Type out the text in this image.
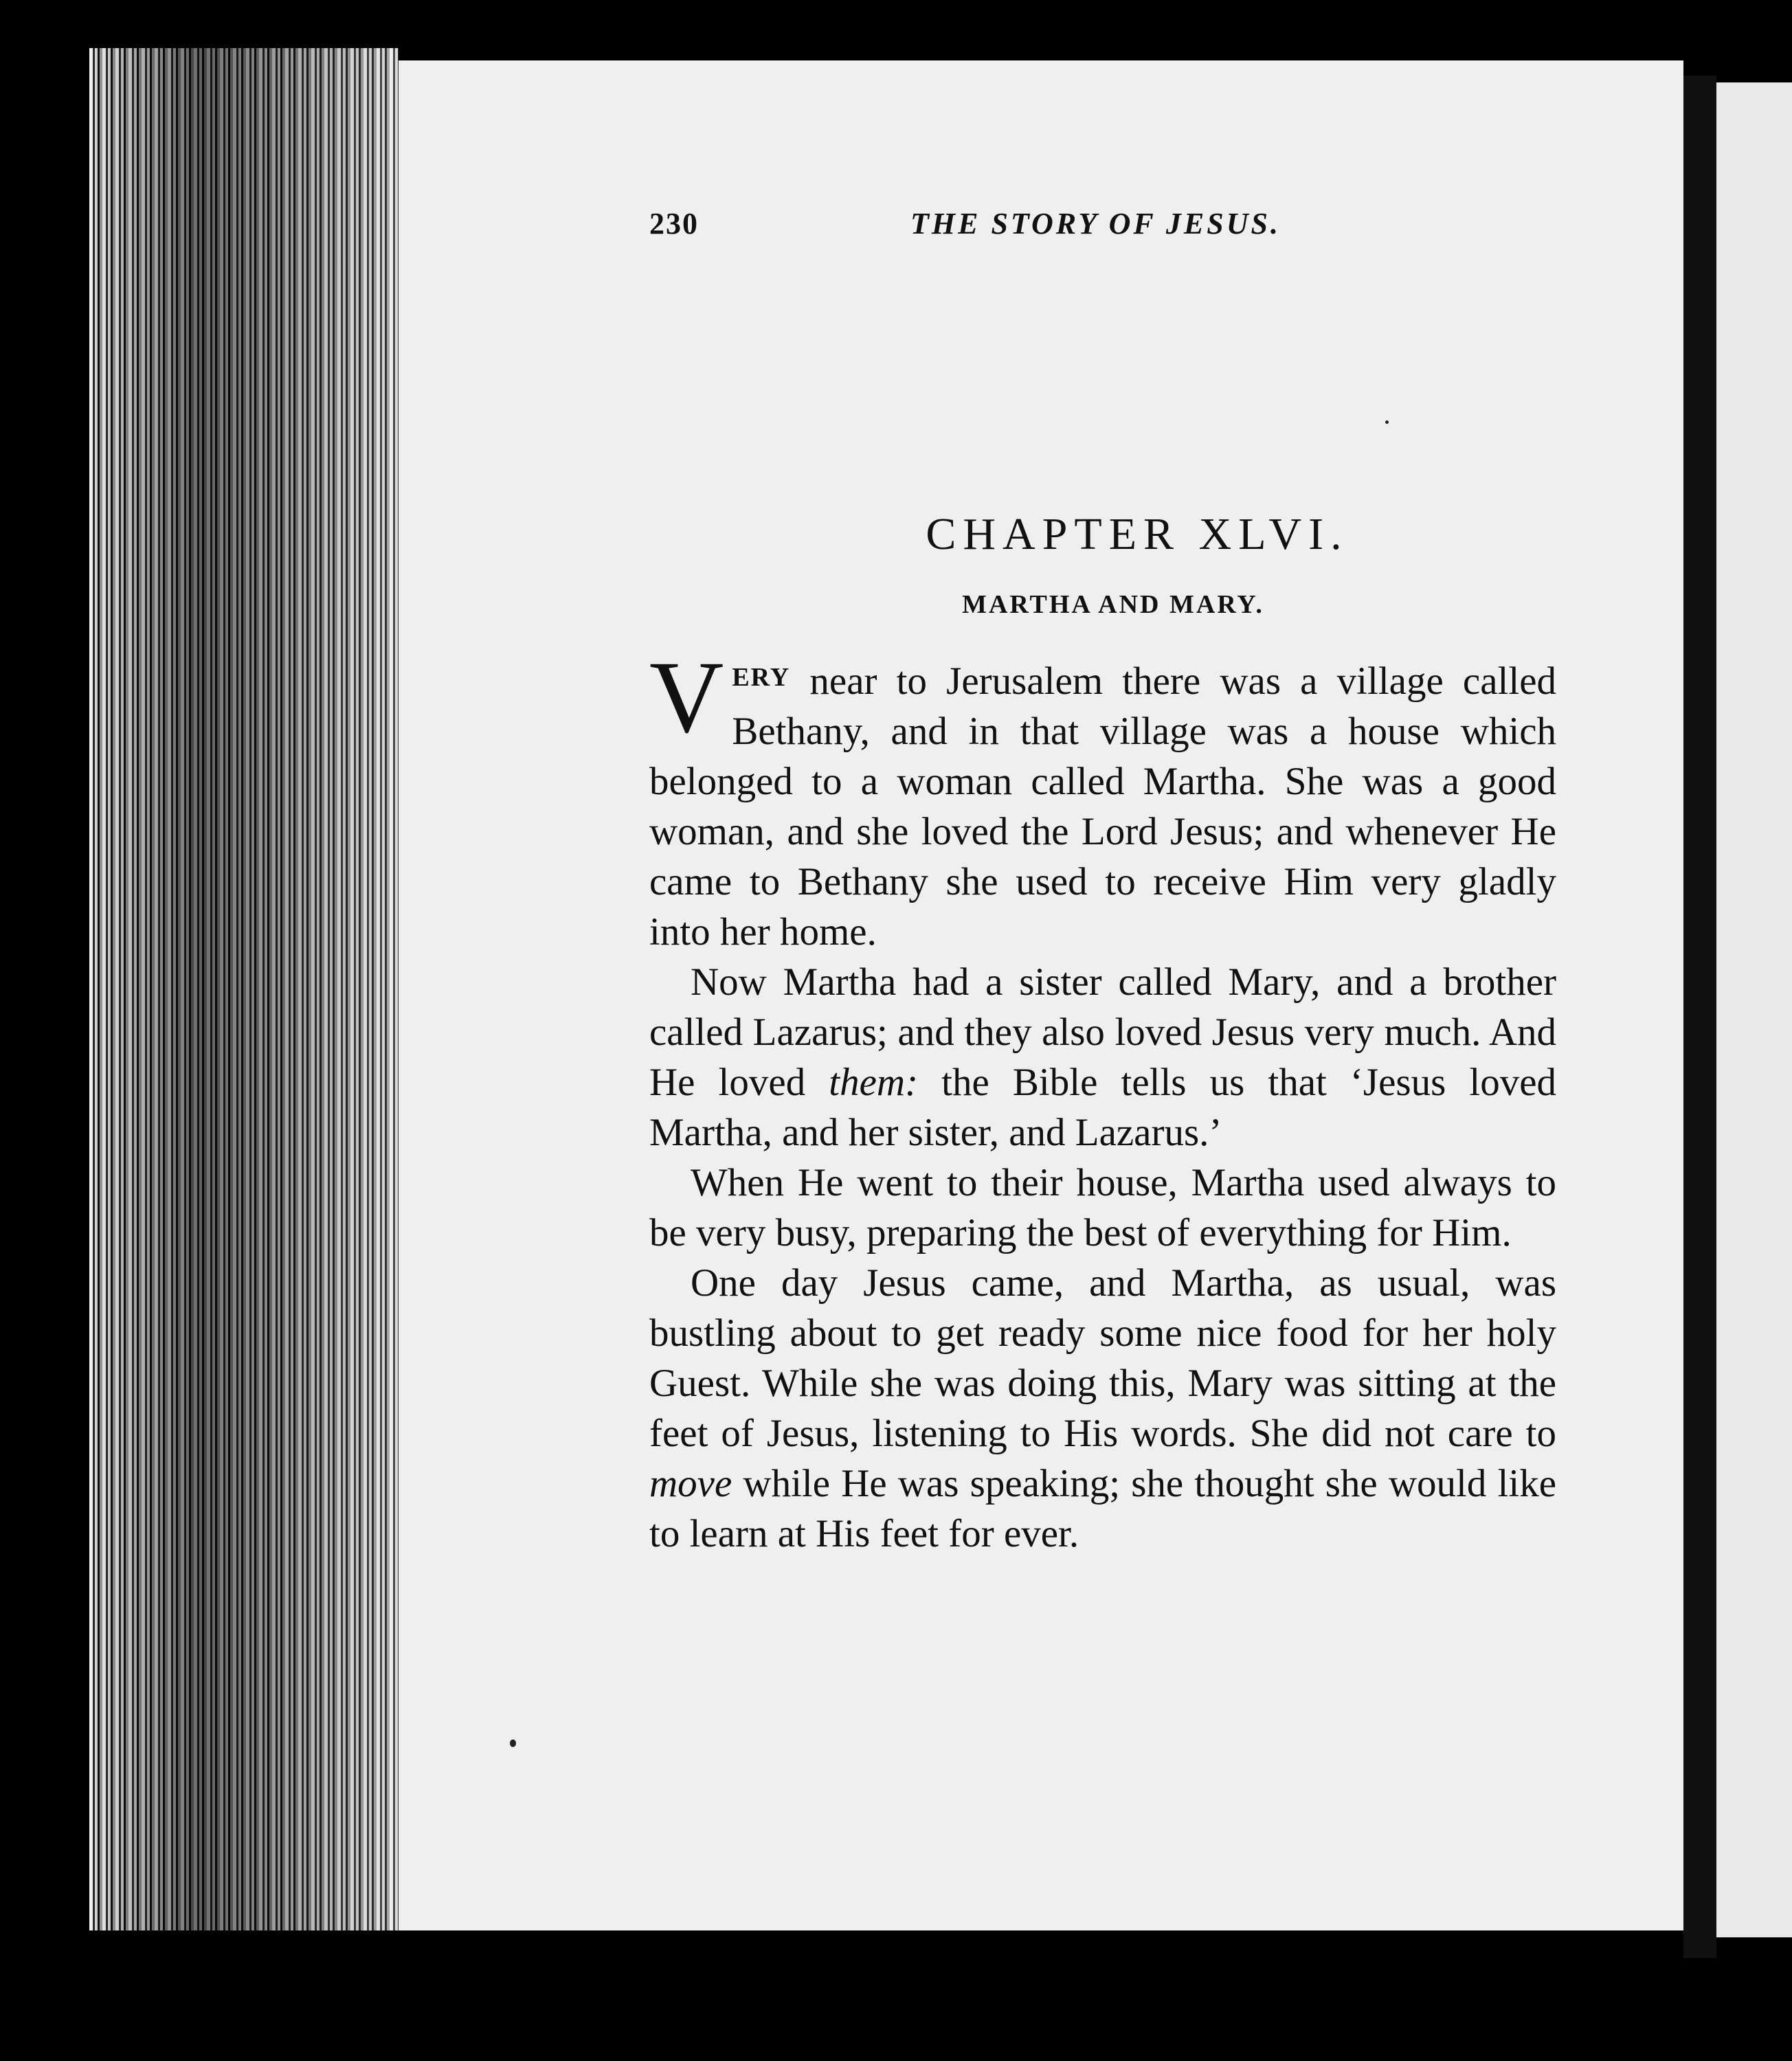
230	THE STORY OF JESUS.
CHAPTER XLVI.
MARTHA AND MARY.

V $^{ERY}$ near to Jerusalem there was a village called Bethany, and in that village was a house which belonged to a woman called Martha. She was a good woman, and she loved the Lord Jesus; and whenever He came to Bethany she used to receive Him very gladly into her home.

Now Martha had a sister called Mary, and a brother called Lazarus; and they also loved Jesus very much. And He loved them: the Bible tells us that ‘Jesus loved Martha, and her sister, and Lazarus.’

When He went to their house, Martha used always to be very busy, preparing the best of everything for Him.

One day Jesus came, and Martha, as usual, was bustling about to get ready some nice food for her holy Guest. While she was doing this, Mary was sitting at the feet of Jesus, listening to His words. She did not care to move while He was speaking; she thought she would like to learn at His feet for ever.
